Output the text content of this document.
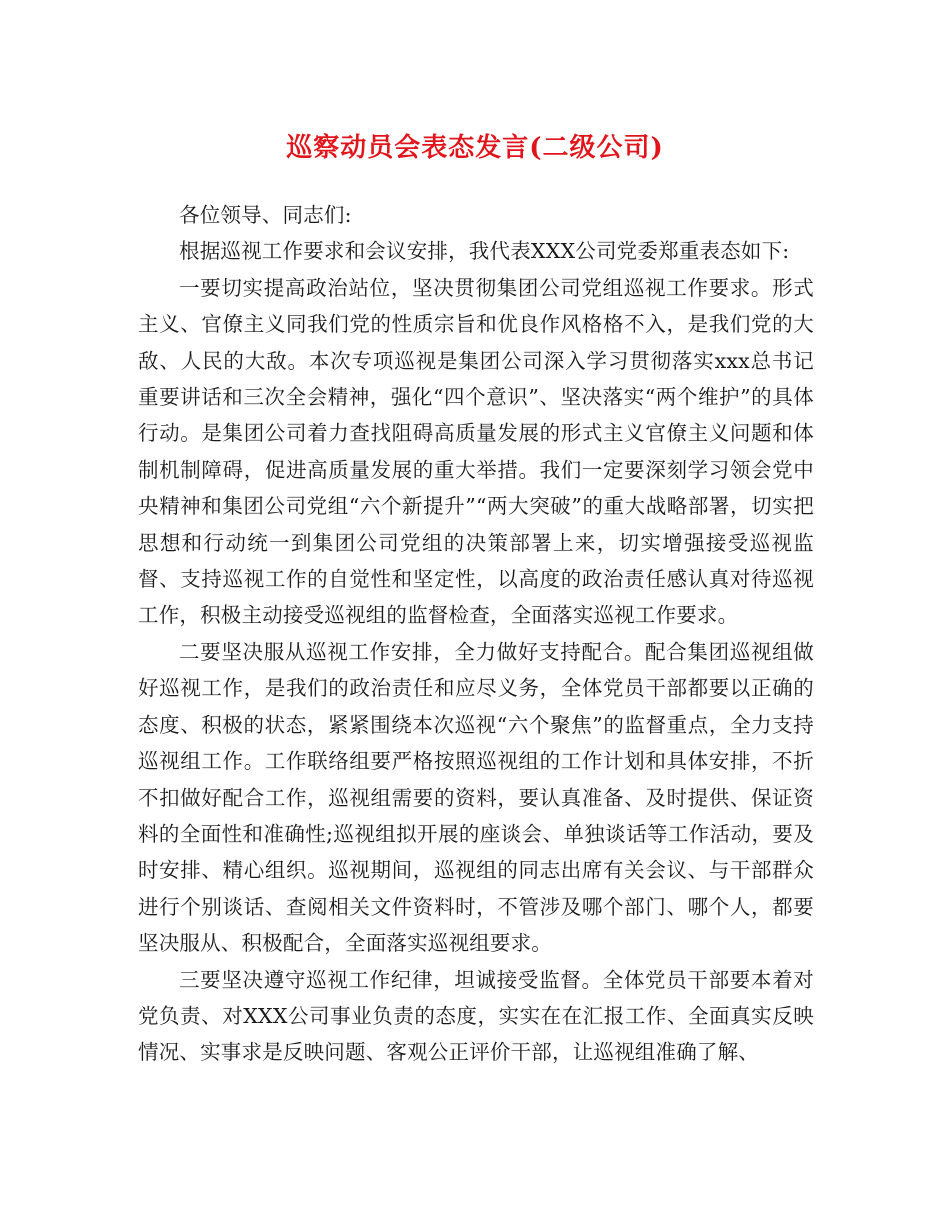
巡察动员会表态发言(二级公司)

各位领导、同志们:

根据巡视工作要求和会议安排，我代表XXX公司党委郑重表态如下:

一要切实提高政治站位，坚决贯彻集团公司党组巡视工作要求。形式主义、官僚主义同我们党的性质宗旨和优良作风格格不入，是我们党的大敌、人民的大敌。本次专项巡视是集团公司深入学习贯彻落实xxx总书记重要讲话和三次全会精神，强化“四个意识”、坚决落实“两个维护”的具体行动。是集团公司着力查找阻碍高质量发展的形式主义官僚主义问题和体制机制障碍，促进高质量发展的重大举措。我们一定要深刻学习领会党中央精神和集团公司党组“六个新提升”“两大突破”的重大战略部署，切实把思想和行动统一到集团公司党组的决策部署上来，切实增强接受巡视监督、支持巡视工作的自觉性和坚定性，以高度的政治责任感认真对待巡视工作，积极主动接受巡视组的监督检查，全面落实巡视工作要求。

二要坚决服从巡视工作安排，全力做好支持配合。配合集团巡视组做好巡视工作，是我们的政治责任和应尽义务，全体党员干部都要以正确的态度、积极的状态，紧紧围绕本次巡视“六个聚焦”的监督重点，全力支持巡视组工作。工作联络组要严格按照巡视组的工作计划和具体安排，不折不扣做好配合工作，巡视组需要的资料，要认真准备、及时提供、保证资料的全面性和准确性;巡视组拟开展的座谈会、单独谈话等工作活动，要及时安排、精心组织。巡视期间，巡视组的同志出席有关会议、与干部群众进行个别谈话、查阅相关文件资料时，不管涉及哪个部门、哪个人，都要坚决服从、积极配合，全面落实巡视组要求。

三要坚决遵守巡视工作纪律，坦诚接受监督。全体党员干部要本着对党负责、对XXX公司事业负责的态度，实实在在汇报工作、全面真实反映情况、实事求是反映问题、客观公正评价干部，让巡视组准确了解、
